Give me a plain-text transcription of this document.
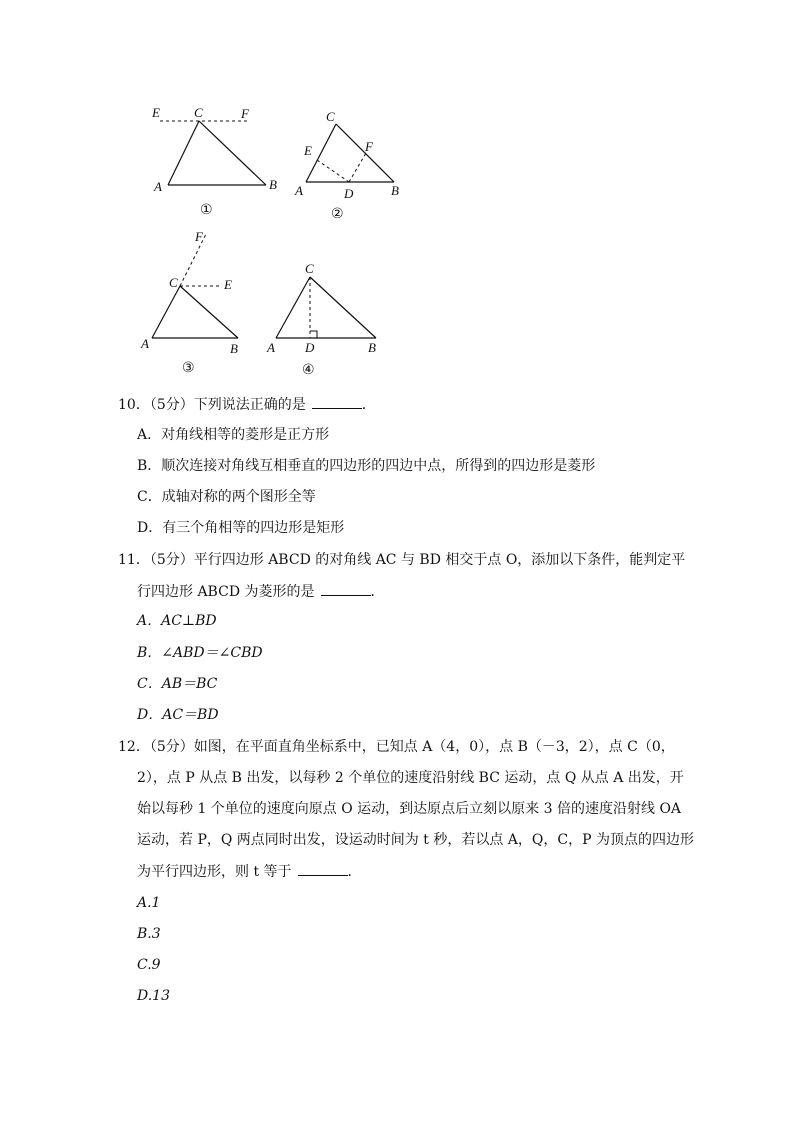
E	C	F
A	B
①
C
E	F
A	D	B
②
F
C	E
A	B
③
C
A D	B
④
10．（5分）下列说法正确的是	．
A．对角线相等的菱形是正方形
B．顺次连接对角线互相垂直的四边形的四边中点，所得到的四边形是菱形
C．成轴对称的两个图形全等
D．有三个角相等的四边形是矩形
11．（5分）平行四边形 ABCD 的对角线 AC 与 BD 相交于点 O，添加以下条件，能判定平
行四边形 ABCD 为菱形的是	．
A．AC⊥BD
B．∠ABD＝∠CBD
C．AB＝BC
D．AC＝BD
12．（5分）如图，在平面直角坐标系中，已知点 A（4，0），点 B（－3，2），点 C（0，
2），点 P 从点 B 出发，以每秒 2 个单位的速度沿射线 BC 运动，点 Q 从点 A 出发，开
始以每秒 1 个单位的速度向原点 O 运动，到达原点后立刻以原来 3 倍的速度沿射线 OA
运动，若 P，Q 两点同时出发，设运动时间为 t 秒，若以点 A，Q，C，P 为顶点的四边形
为平行四边形，则 t 等于	．
A.1
B.3
C.9
D.13
